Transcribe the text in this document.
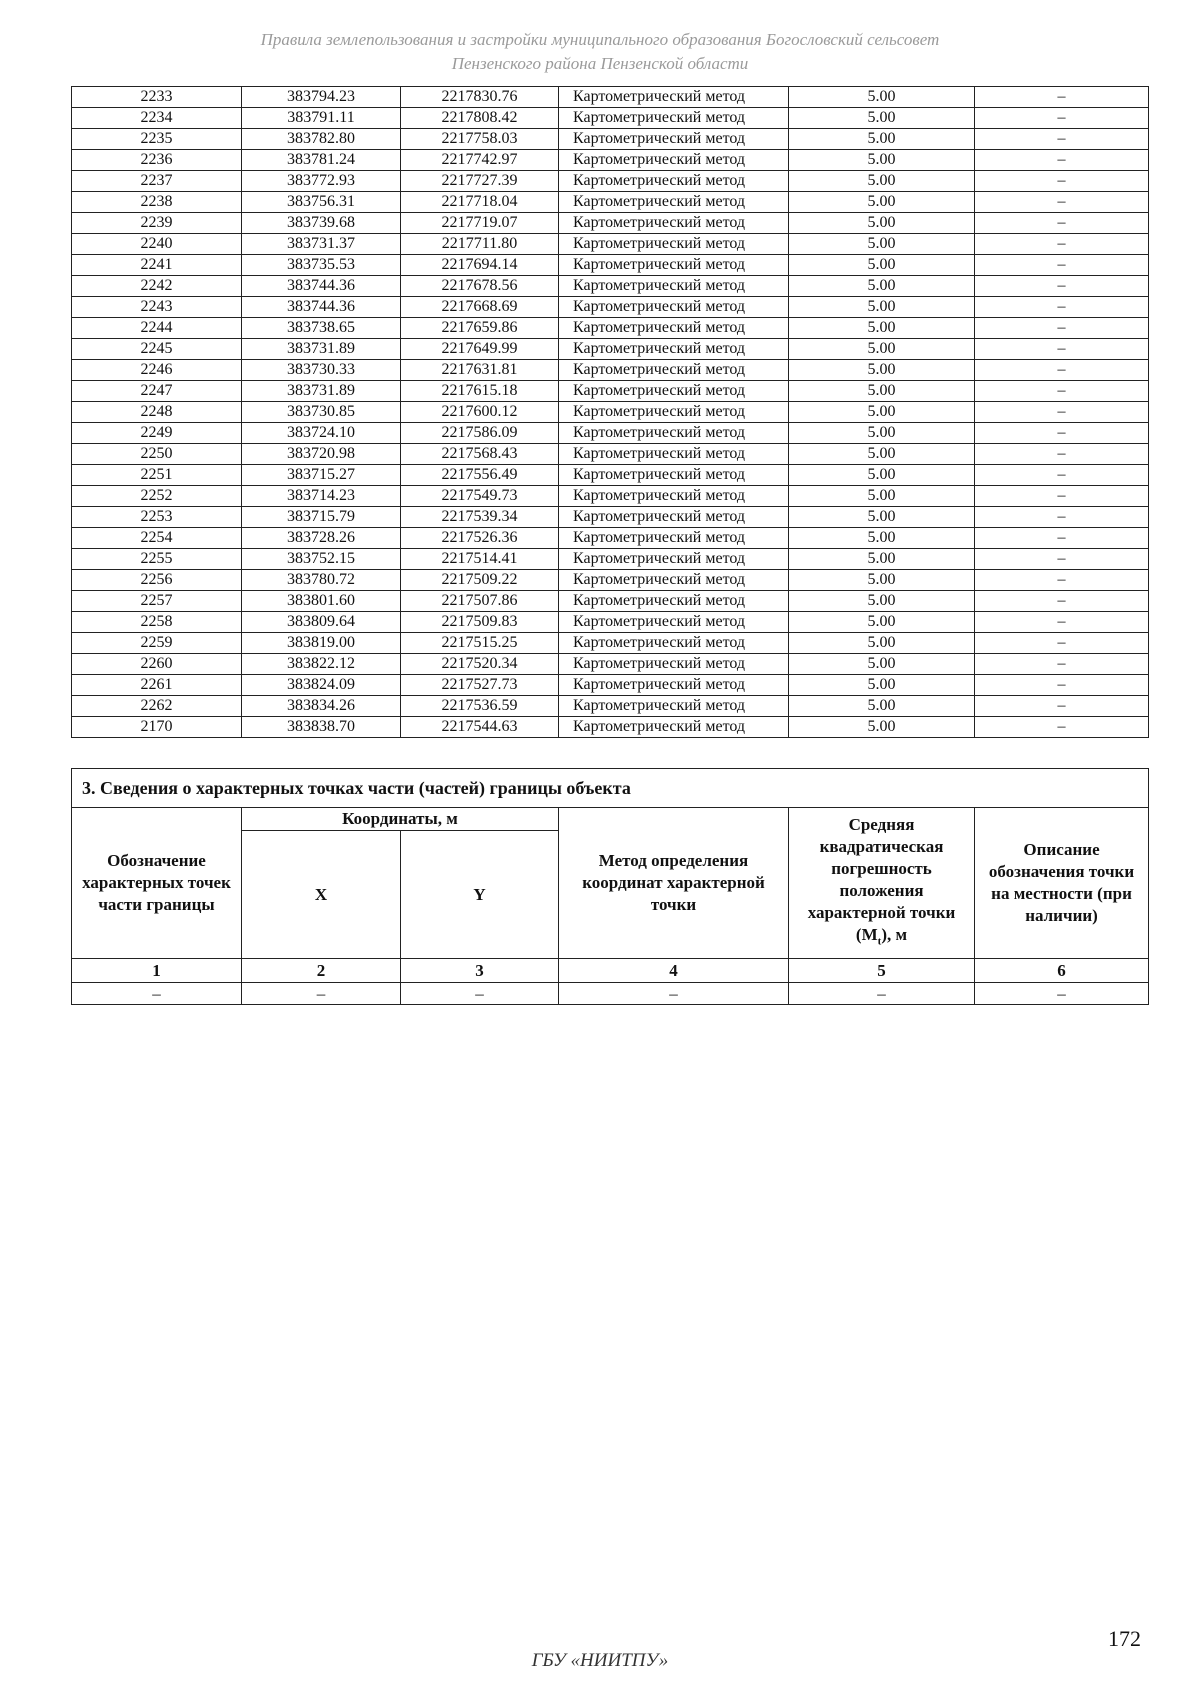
Правила землепользования и застройки муниципального образования Богословский сельсовет
Пензенского района Пензенской области
2233	383794.23	2217830.76	Картометрический метод	5.00	–
2234	383791.11	2217808.42	Картометрический метод	5.00	–
2235	383782.80	2217758.03	Картометрический метод	5.00	–
2236	383781.24	2217742.97	Картометрический метод	5.00	–
2237	383772.93	2217727.39	Картометрический метод	5.00	–
2238	383756.31	2217718.04	Картометрический метод	5.00	–
2239	383739.68	2217719.07	Картометрический метод	5.00	–
2240	383731.37	2217711.80	Картометрический метод	5.00	–
2241	383735.53	2217694.14	Картометрический метод	5.00	–
2242	383744.36	2217678.56	Картометрический метод	5.00	–
2243	383744.36	2217668.69	Картометрический метод	5.00	–
2244	383738.65	2217659.86	Картометрический метод	5.00	–
2245	383731.89	2217649.99	Картометрический метод	5.00	–
2246	383730.33	2217631.81	Картометрический метод	5.00	–
2247	383731.89	2217615.18	Картометрический метод	5.00	–
2248	383730.85	2217600.12	Картометрический метод	5.00	–
2249	383724.10	2217586.09	Картометрический метод	5.00	–
2250	383720.98	2217568.43	Картометрический метод	5.00	–
2251	383715.27	2217556.49	Картометрический метод	5.00	–
2252	383714.23	2217549.73	Картометрический метод	5.00	–
2253	383715.79	2217539.34	Картометрический метод	5.00	–
2254	383728.26	2217526.36	Картометрический метод	5.00	–
2255	383752.15	2217514.41	Картометрический метод	5.00	–
2256	383780.72	2217509.22	Картометрический метод	5.00	–
2257	383801.60	2217507.86	Картометрический метод	5.00	–
2258	383809.64	2217509.83	Картометрический метод	5.00	–
2259	383819.00	2217515.25	Картометрический метод	5.00	–
2260	383822.12	2217520.34	Картометрический метод	5.00	–
2261	383824.09	2217527.73	Картометрический метод	5.00	–
2262	383834.26	2217536.59	Картометрический метод	5.00	–
2170	383838.70	2217544.63	Картометрический метод	5.00	–
3. Сведения о характерных точках части (частей) границы объекта					
Обозначение характерных точек части границы	Координаты, м		Метод определения координат характерной точки	Средняя квадратическая погрешность положения характерной точки $(M_t)$, м	Описание обозначения точки на местности (при наличии)
	X	Y			
1	2	3	4	5	6
–	–	–	–	–	–
172
ГБУ «НИИТПУ»
